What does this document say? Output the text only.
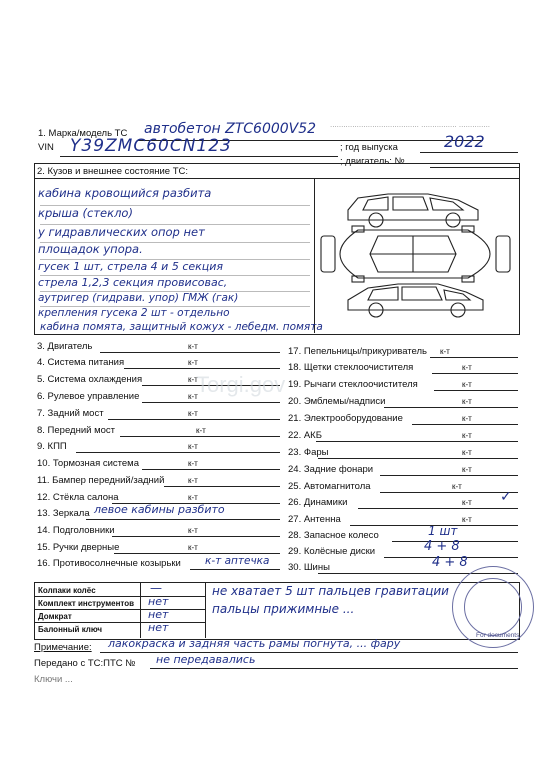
........................................ ................ ..............
1. Марка/модель ТС автобетон ZTC6000V52
VIN Y39ZMC60CN123	; год выпуска	2022
; двигатель: №
2. Кузов и внешнее состояние ТС:
кабина кровощийся разбита
крыша (стекло)
у гидравлических опор нет
площадок упора.
гусек 1 шт, стрела 4 и 5 секция
стрела 1,2,3 секция провисовас,
аутригер (гидрави. упор) ГМЖ (гак)
крепления гусека 2 шт - отдельно
кабина помята, защитный кожух - лебедм. помята
3. Двигатель	к-т
4. Система питания	к-т
5. Система охлаждения	к-т
6. Рулевое управление	к-т
7. Задний мост	к-т
8. Передний мост	к-т
9. КПП	к-т
10. Тормозная система	к-т
11. Бампер передний/задний	к-т
12. Стёкла салона	к-т
13. Зеркала левое кабины разбито
14. Подголовники	к-т
15. Ручки дверные	к-т
16. Противосолнечные козырьки к-т аптечка
17. Пепельницы/прикуриватель к-т
18. Щетки стеклоочистителя	к-т
19. Рычаги стеклоочистителя	к-т
20. Эмблемы/надписи	к-т
21. Электрооборудование	к-т
22. АКБ	к-т
23. Фары	к-т
24. Задние фонари	к-т
25. Автомагнитола	к-т
26. Динамики	к-т ✓
27. Антенна	к-т
28. Запасное колесо	1 шт
29. Колёсные диски	4 + 8
30. Шины	4 + 8
Колпаки колёс	—
Комплект инструментов нет
Домкрат	нет
Балонный ключ	нет
не хватает 5 шт пальцев гравитации
пальцы прижимные ...
For documents
Примечание: лакокраска и задняя часть рамы погнута, ... фару
Передано с ТС:ПТС № не передавались
Ключи ...
Torgi.gov
